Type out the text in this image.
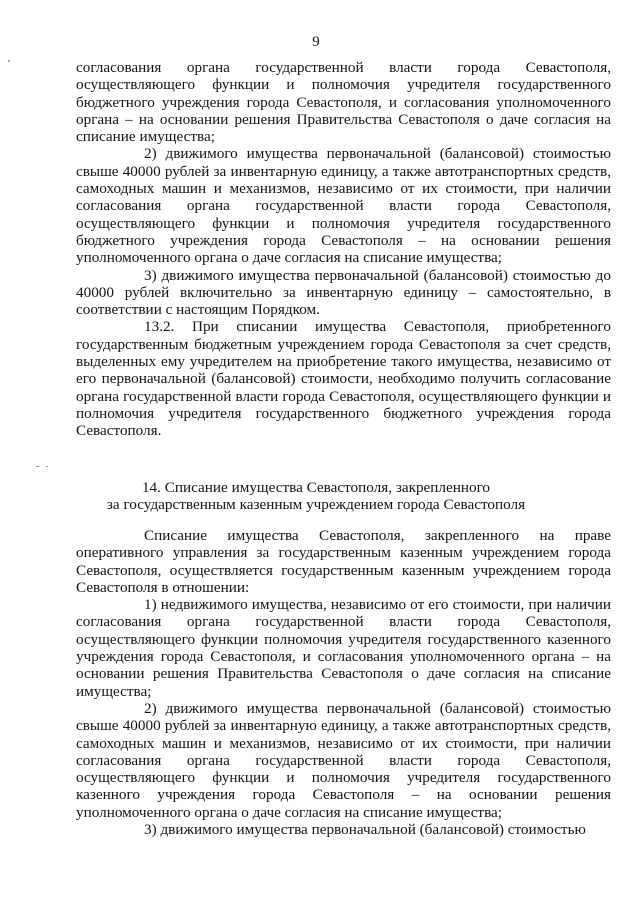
9

согласования органа государственной власти города Севастополя, осуществляющего функции и полномочия учредителя государственного бюджетного учреждения города Севастополя, и согласования уполномоченного органа – на основании решения Правительства Севастополя о даче согласия на списание имущества;

2) движимого имущества первоначальной (балансовой) стоимостью свыше 40000 рублей за инвентарную единицу, а также автотранспортных средств, самоходных машин и механизмов, независимо от их стоимости, при наличии согласования органа государственной власти города Севастополя, осуществляющего функции и полномочия учредителя государственного бюджетного учреждения города Севастополя – на основании решения уполномоченного органа о даче согласия на списание имущества;

3) движимого имущества первоначальной (балансовой) стоимостью до 40000 рублей включительно за инвентарную единицу – самостоятельно, в соответствии с настоящим Порядком.

13.2. При списании имущества Севастополя, приобретенного государственным бюджетным учреждением города Севастополя за счет средств, выделенных ему учредителем на приобретение такого имущества, независимо от его первоначальной (балансовой) стоимости, необходимо получить согласование органа государственной власти города Севастополя, осуществляющего функции и полномочия учредителя государственного бюджетного учреждения города Севастополя.

14. Списание имущества Севастополя, закрепленного
за государственным казенным учреждением города Севастополя

Списание имущества Севастополя, закрепленного на праве оперативного управления за государственным казенным учреждением города Севастополя, осуществляется государственным казенным учреждением города Севастополя в отношении:

1) недвижимого имущества, независимо от его стоимости, при наличии согласования органа государственной власти города Севастополя, осуществляющего функции полномочия учредителя государственного казенного учреждения города Севастополя, и согласования уполномоченного органа – на основании решения Правительства Севастополя о даче согласия на списание имущества;

2) движимого имущества первоначальной (балансовой) стоимостью свыше 40000 рублей за инвентарную единицу, а также автотранспортных средств, самоходных машин и механизмов, независимо от их стоимости, при наличии согласования органа государственной власти города Севастополя, осуществляющего функции и полномочия учредителя государственного казенного учреждения города Севастополя – на основании решения уполномоченного органа о даче согласия на списание имущества;

3) движимого имущества первоначальной (балансовой) стоимостью
